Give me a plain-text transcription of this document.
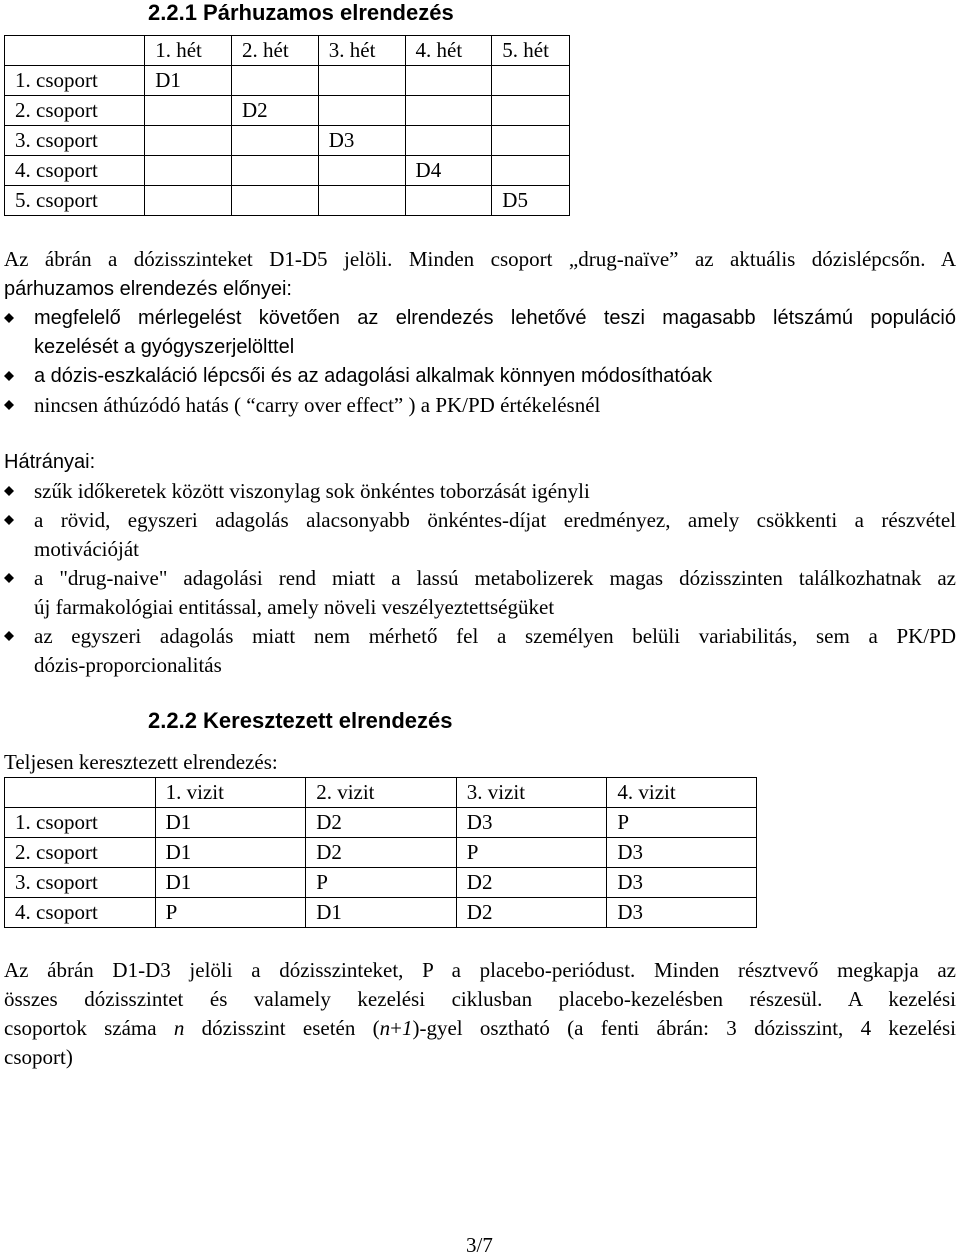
2.2.1 Párhuzamos elrendezés
	1. hét	2. hét	3. hét	4. hét	5. hét
1. csoport	D1				
2. csoport		D2			
3. csoport			D3		
4. csoport				D4	
5. csoport					D5
Az ábrán a dózisszinteket D1-D5 jelöli. Minden csoport „drug-naïve” az aktuális dózislépcsőn. A
párhuzamos elrendezés előnyei:
megfelelő mérlegelést követően az elrendezés lehetővé teszi magasabb létszámú populáció
kezelését a gyógyszerjelölttel
a dózis-eszkaláció lépcsői és az adagolási alkalmak könnyen módosíthatóak
nincsen áthúzódó hatás ( “carry over effect” ) a PK/PD értékelésnél
Hátrányai:
szűk időkeretek között viszonylag sok önkéntes toborzását igényli
a rövid, egyszeri adagolás alacsonyabb önkéntes-díjat eredményez, amely csökkenti a részvétel
motivációját
a "drug-naive" adagolási rend miatt a lassú metabolizerek magas dózisszinten találkozhatnak az
új farmakológiai entitással, amely növeli veszélyeztettségüket
az egyszeri adagolás miatt nem mérhető fel a személyen belüli variabilitás, sem a PK/PD
dózis-proporcionalitás
2.2.2 Keresztezett elrendezés
Teljesen keresztezett elrendezés:
	1. vizit	2. vizit	3. vizit	4. vizit
1. csoport	D1	D2	D3	P
2. csoport	D1	D2	P	D3
3. csoport	D1	P	D2	D3
4. csoport	P	D1	D2	D3
Az ábrán D1-D3 jelöli a dózisszinteket, P a placebo-periódust. Minden résztvevő megkapja az
összes dózisszintet és valamely kezelési ciklusban placebo-kezelésben részesül. A kezelési
csoportok száma n dózisszint esetén (n+1)-gyel osztható (a fenti ábrán: 3 dózisszint, 4 kezelési
csoport)
3/7
